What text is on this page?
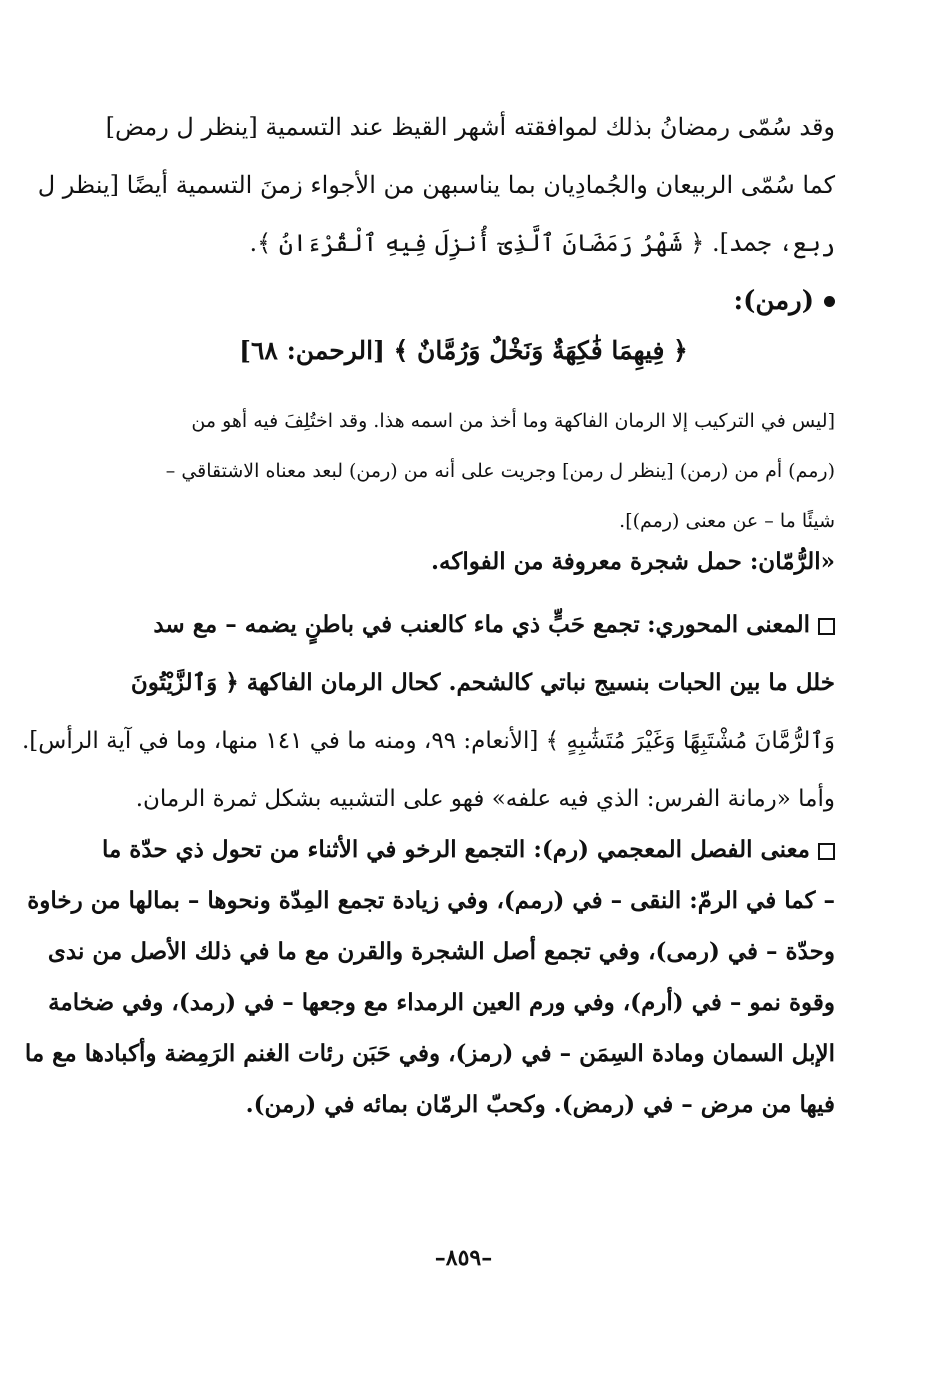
وقد سُمّى رمضانُ بذلك لموافقته أشهر القيظ عند التسمية [ينظر ل رمض]
كما سُمّى الربيعان والجُمادِيان بما يناسبهن من الأجواء زمنَ التسمية أيضًا [ينظر ل
ربع، جمد]. ﴿ شَهْرُ رَمَضَانَ ٱلَّذِىٓ أُنزِلَ فِيهِ ٱلْقُرْءَانُ ﴾.
(رمن):
﴿ فِيهِمَا فَٰكِهَةٌ وَنَخْلٌ وَرُمَّانٌ ﴾ [الرحمن: ٦٨]
[ليس في التركيب إلا الرمان الفاكهة وما أخذ من اسمه هذا. وقد اختُلِفَ فيه أهو من
(رمم) أم من (رمن) [ينظر ل رمن] وجريت على أنه من (رمن) لبعد معناه الاشتقاقي –
شيئًا ما – عن معنى (رمم)].
«الرُّمّان: حمل شجرة معروفة من الفواكه.
المعنى المحوري: تجمع حَبٍّ ذي ماء كالعنب في باطنٍ يضمه – مع سد
خلل ما بين الحبات بنسيج نباتي كالشحم. كحال الرمان الفاكهة ﴿ وَٱلزَّيْتُونَ
وَٱلرُّمَّانَ مُشْتَبِهًا وَغَيْرَ مُتَشَٰبِهٍ ﴾ [الأنعام: ٩٩، ومنه ما في ١٤١ منها، وما في آية الرأس].
وأما «رمانة الفرس: الذي فيه علفه» فهو على التشبيه بشكل ثمرة الرمان.
معنى الفصل المعجمي (رم): التجمع الرخو في الأثناء من تحول ذي حدّة ما
– كما في الرمّ: النقى – في (رمم)، وفي زيادة تجمع المِدّة ونحوها – بمالها من رخاوة
وحدّة – في (رمى)، وفي تجمع أصل الشجرة والقرن مع ما في ذلك الأصل من ندى
وقوة نمو – في (أرم)، وفي ورم العين الرمداء مع وجعها – في (رمد)، وفي ضخامة
الإبل السمان ومادة السِمَن – في (رمز)، وفي حَبَن رئات الغنم الرَمِضة وأكبادها مع ما
فيها من مرض – في (رمض). وكحبّ الرمّان بمائه في (رمن).
–٨٥٩–
